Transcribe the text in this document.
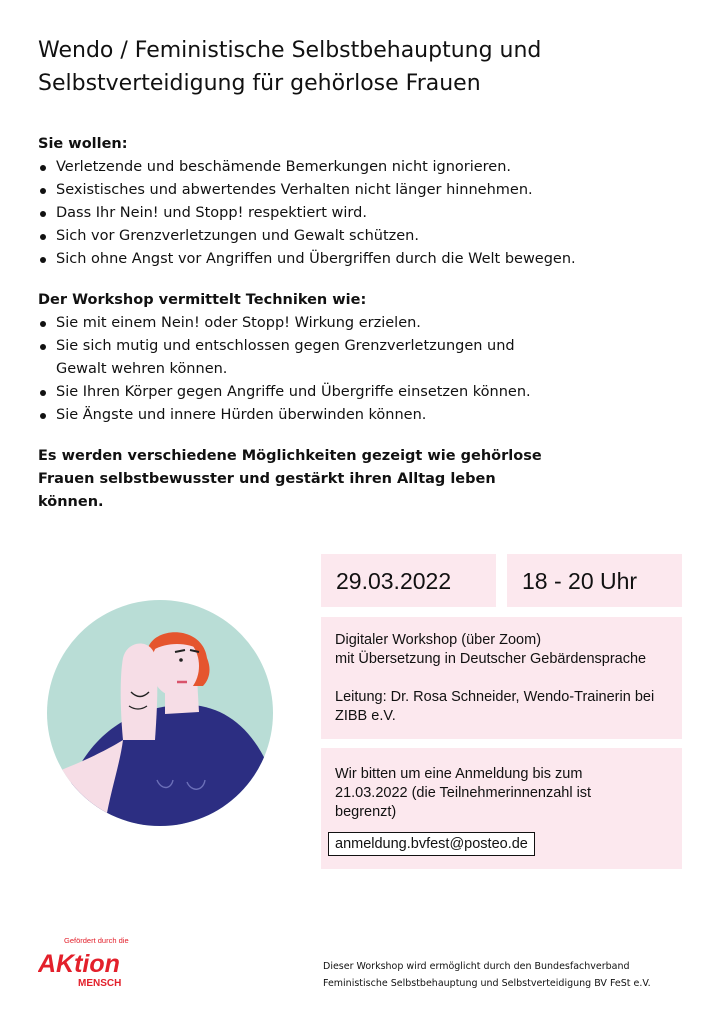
Wendo / Feministische Selbstbehauptung und Selbstverteidigung für gehörlose Frauen
Sie wollen:
Verletzende und beschämende Bemerkungen nicht ignorieren.
Sexistisches und abwertendes Verhalten nicht länger hinnehmen.
Dass Ihr Nein! und Stopp! respektiert wird.
Sich vor Grenzverletzungen und Gewalt schützen.
Sich ohne Angst vor Angriffen und Übergriffen durch die Welt bewegen.
Der Workshop vermittelt Techniken wie:
Sie mit einem Nein! oder Stopp! Wirkung erzielen.
Sie sich mutig und entschlossen gegen Grenzverletzungen und Gewalt wehren können.
Sie Ihren Körper gegen Angriffe und Übergriffe einsetzen können.
Sie Ängste und innere Hürden überwinden können.
Es werden verschiedene Möglichkeiten gezeigt wie gehörlose Frauen selbstbewusster und gestärkt ihren Alltag leben können.
29.03.2022	18 - 20 Uhr
Digitaler Workshop (über Zoom)
mit Übersetzung in Deutscher Gebärdensprache
Leitung: Dr. Rosa Schneider, Wendo-Trainerin bei ZIBB e.V.
Wir bitten um eine Anmeldung bis zum 21.03.2022 (die Teilnehmerinnenzahl ist begrenzt)
anmeldung.bvfest@posteo.de
Gefördert durch die
AKtion
MENSCH
Dieser Workshop wird ermöglicht durch den Bundesfachverband Feministische Selbstbehauptung und Selbstverteidigung BV FeSt e.V.
